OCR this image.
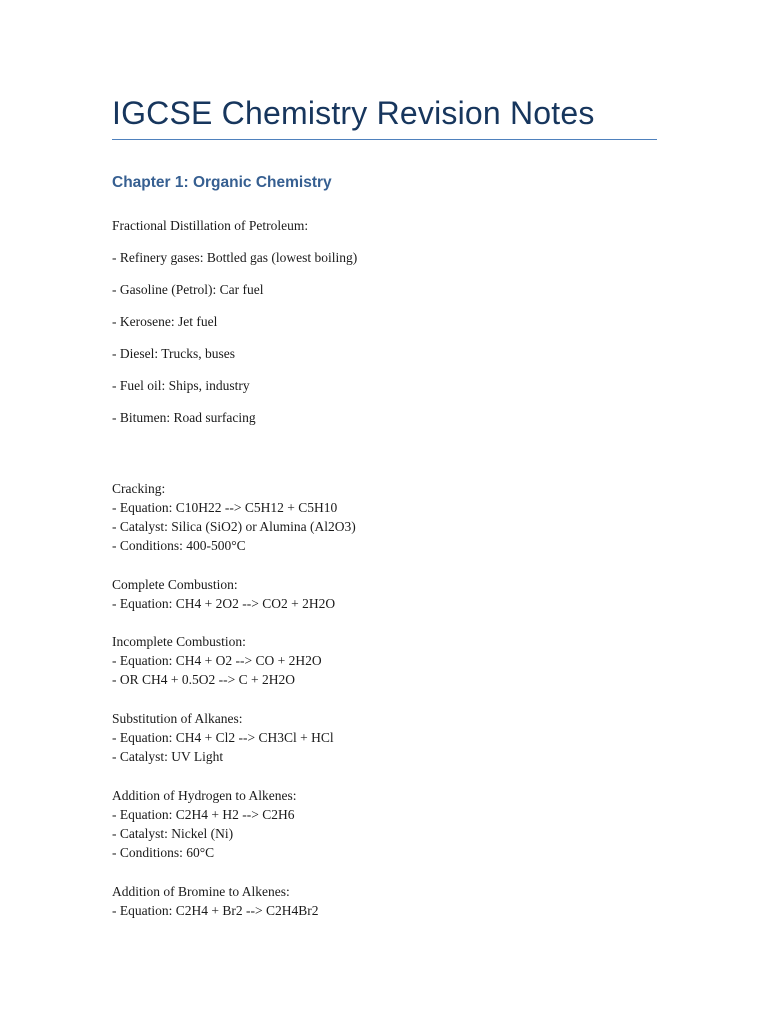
IGCSE Chemistry Revision Notes
Chapter 1: Organic Chemistry
Fractional Distillation of Petroleum:
- Refinery gases: Bottled gas (lowest boiling)
- Gasoline (Petrol): Car fuel
- Kerosene: Jet fuel
- Diesel: Trucks, buses
- Fuel oil: Ships, industry
- Bitumen: Road surfacing
Cracking:
- Equation: C10H22 --> C5H12 + C5H10
- Catalyst: Silica (SiO2) or Alumina (Al2O3)
- Conditions: 400-500°C
Complete Combustion:
- Equation: CH4 + 2O2 --> CO2 + 2H2O
Incomplete Combustion:
- Equation: CH4 + O2 --> CO + 2H2O
- OR CH4 + 0.5O2 --> C + 2H2O
Substitution of Alkanes:
- Equation: CH4 + Cl2 --> CH3Cl + HCl
- Catalyst: UV Light
Addition of Hydrogen to Alkenes:
- Equation: C2H4 + H2 --> C2H6
- Catalyst: Nickel (Ni)
- Conditions: 60°C
Addition of Bromine to Alkenes:
- Equation: C2H4 + Br2 --> C2H4Br2
